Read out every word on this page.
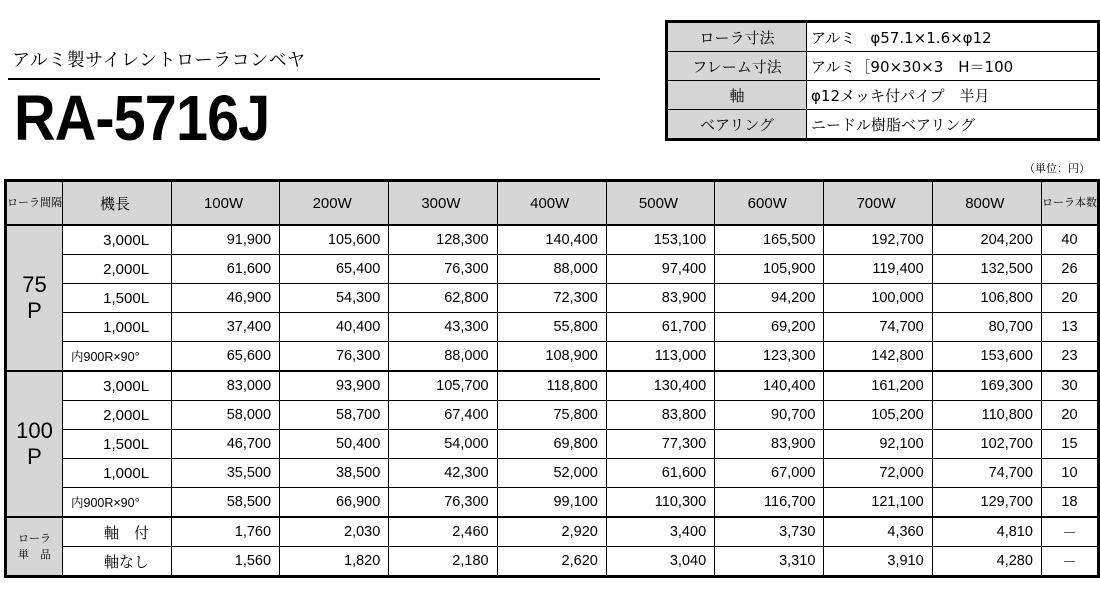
アルミ製サイレントローラコンベヤ
RA-5716J
ローラ寸法	アルミ　φ57.1×1.6×φ12
フレーム寸法	アルミ［90×30×3　H＝100
軸	φ12メッキ付パイプ　半月
ベアリング	ニードル樹脂ベアリング
（単位：円）
ローラ間隔	機長	100W	200W	300W	400W	500W	600W	700W	800W	ローラ本数

75
P	3,000L	91,900	105,600	128,300	140,400	153,100	165,500	192,700	204,200	40
	2,000L	61,600	65,400	76,300	88,000	97,400	105,900	119,400	132,500	26
	1,500L	46,900	54,300	62,800	72,300	83,900	94,200	100,000	106,800	20
	1,000L	37,400	40,400	43,300	55,800	61,700	69,200	74,700	80,700	13
	内900R×90°	65,600	76,300	88,000	108,900	113,000	123,300	142,800	153,600	23

100
P	3,000L	83,000	93,900	105,700	118,800	130,400	140,400	161,200	169,300	30
	2,000L	58,000	58,700	67,400	75,800	83,800	90,700	105,200	110,800	20
	1,500L	46,700	50,400	54,000	69,800	77,300	83,900	92,100	102,700	15
	1,000L	35,500	38,500	42,300	52,000	61,600	67,000	72,000	74,700	10
	内900R×90°	58,500	66,900	76,300	99,100	110,300	116,700	121,100	129,700	18

ローラ
単　品	軸　付	1,760	2,030	2,460	2,920	3,400	3,730	4,360	4,810	－
	軸なし	1,560	1,820	2,180	2,620	3,040	3,310	3,910	4,280	－
